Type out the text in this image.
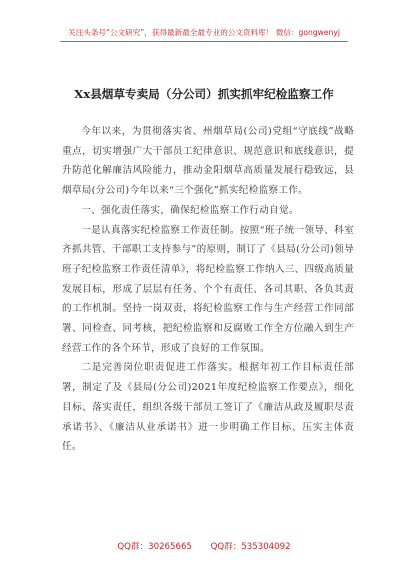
关注头条号“公文研究”，获得最新最全最专业的公文资料库！ 微信：gongwenyj
Xx县烟草专卖局（分公司）抓实抓牢纪检监察工作

今年以来，为贯彻落实省、州烟草局(公司)党组“守底线”战略重点，切实增强广大干部员工纪律意识、规范意识和底线意识，提升防范化解廉洁风险能力，推动金阳烟草高质量发展行稳致远，县烟草局(分公司)今年以来“三个强化”抓实纪检监察工作。

一、强化责任落实，确保纪检监察工作行动自觉。

一是认真落实纪检监察工作责任制。按照“班子统一领导、科室齐抓共管、干部职工支持参与”的原则，制订了《县局(分公司)领导班子纪检监察工作责任清单》，将纪检监察工作纳入三、四级高质量发展目标，形成了层层有任务、个个有责任、各司其职、各负其责的工作机制。坚持一岗双责，将纪检监察工作与生产经营工作同部署、同检查、同考核，把纪检监察和反腐败工作全方位融入到生产经营工作的各个环节，形成了良好的工作氛围。

二是完善岗位职责促进工作落实。根据年初工作目标责任部署，制定了及《县局(分公司)2021年度纪检监察工作要点》，细化目标、落实责任，组织各级干部员工签订了《廉洁从政及履职尽责承诺书》、《廉洁从业承诺书》进一步明确工作目标、压实主体责任。

QQ群：30265665 QQ群：535304092
